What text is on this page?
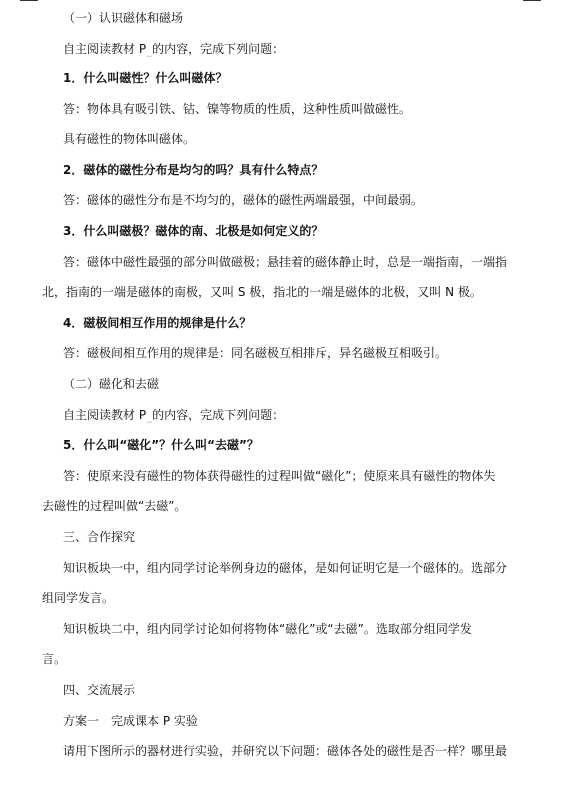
（一）认识磁体和磁场
自主阅读教材 $P_\dots$的内容，完成下列问题：
1．什么叫磁性？什么叫磁体？
答：物体具有吸引铁、钴、镍等物质的性质，这种性质叫做磁性。
具有磁性的物体叫磁体。
2．磁体的磁性分布是均匀的吗？具有什么特点？
答：磁体的磁性分布是不均匀的，磁体的磁性两端最强，中间最弱。
3．什么叫磁极？磁体的南、北极是如何定义的？
答：磁体中磁性最强的部分叫做磁极；悬挂着的磁体静止时，总是一端指南，一端指
北，指南的一端是磁体的南极，又叫 S 极，指北的一端是磁体的北极，又叫 N 极。
4．磁极间相互作用的规律是什么？
答：磁极间相互作用的规律是：同名磁极互相排斥，异名磁极互相吸引。
（二）磁化和去磁
自主阅读教材 $P_\dots$的内容，完成下列问题：
5．什么叫“磁化”？什么叫“去磁”？
答：使原来没有磁性的物体获得磁性的过程叫做“磁化”；使原来具有磁性的物体失
去磁性的过程叫做“去磁”。
三、合作探究
知识板块一中，组内同学讨论举例身边的磁体，是如何证明它是一个磁体的。选部分
组同学发言。
知识板块二中，组内同学讨论如何将物体“磁化”或“去磁”。选取部分组同学发
言。
四、交流展示
方案一　完成课本 P 实验
请用下图所示的器材进行实验，并研究以下问题：磁体各处的磁性是否一样？哪里最
